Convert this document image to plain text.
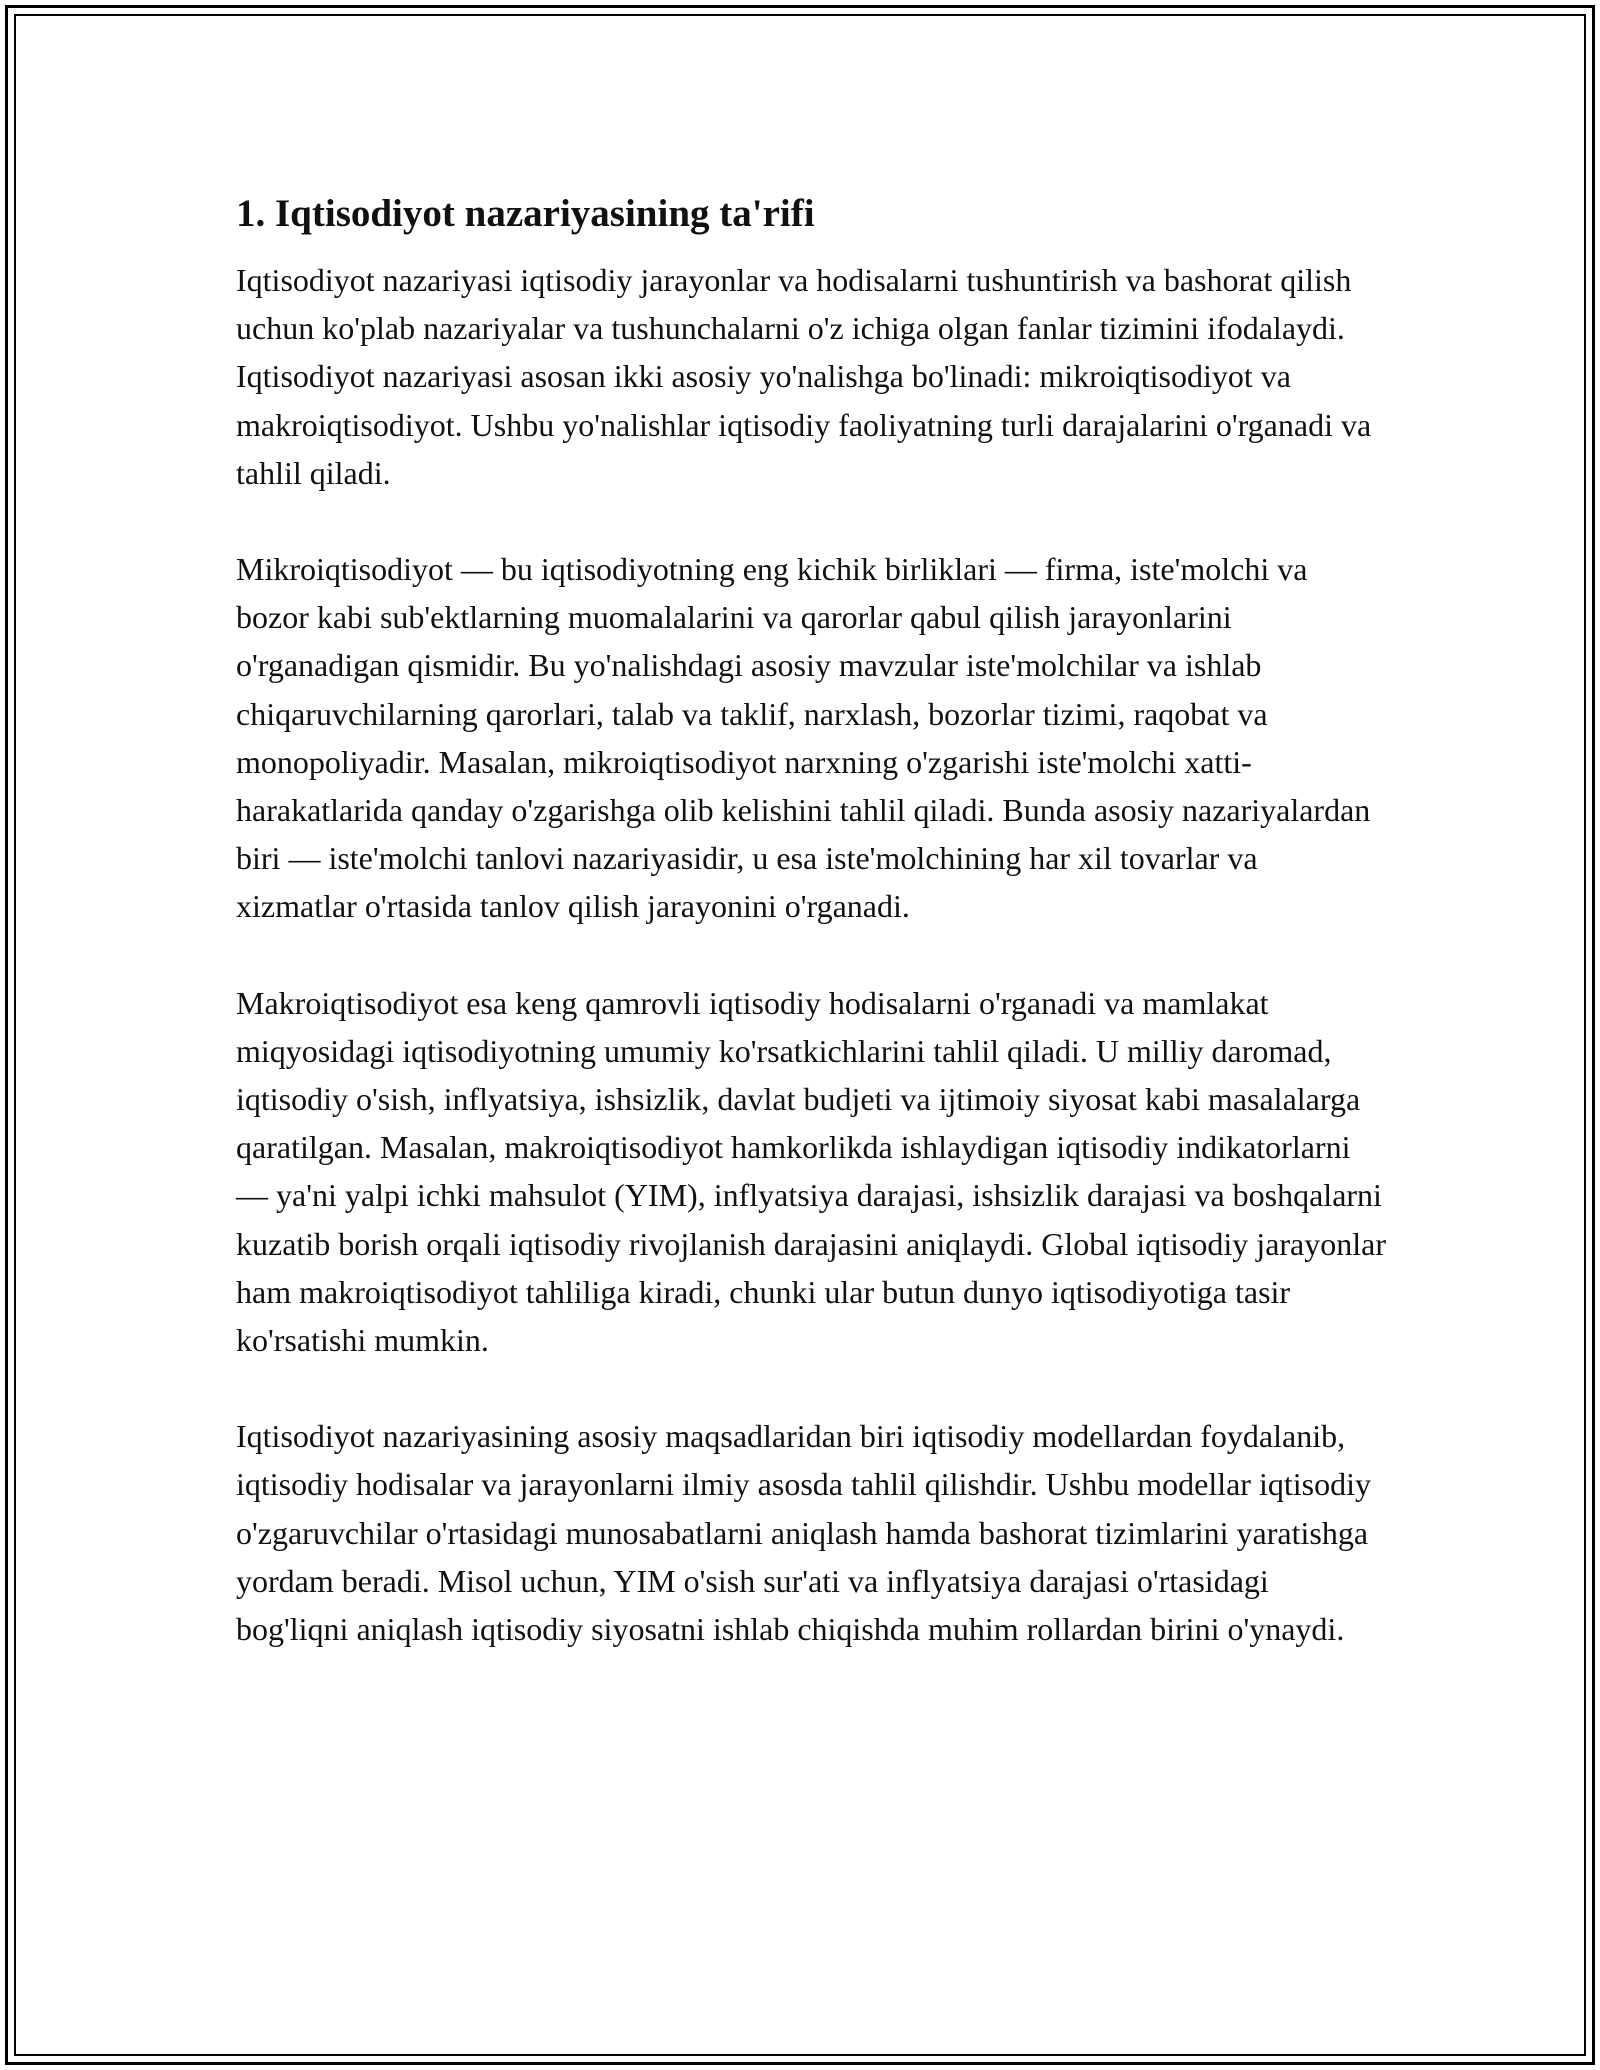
1. Iqtisodiyot nazariyasining ta'rifi

Iqtisodiyot nazariyasi iqtisodiy jarayonlar va hodisalarni tushuntirish va bashorat qilish uchun ko'plab nazariyalar va tushunchalarni o'z ichiga olgan fanlar tizimini ifodalaydi. Iqtisodiyot nazariyasi asosan ikki asosiy yo'nalishga bo'linadi: mikroiqtisodiyot va makroiqtisodiyot. Ushbu yo'nalishlar iqtisodiy faoliyatning turli darajalarini o'rganadi va tahlil qiladi.

Mikroiqtisodiyot — bu iqtisodiyotning eng kichik birliklari — firma, iste'molchi va bozor kabi sub'ektlarning muomalalarini va qarorlar qabul qilish jarayonlarini o'rganadigan qismidir. Bu yo'nalishdagi asosiy mavzular iste'molchilar va ishlab chiqaruvchilarning qarorlari, talab va taklif, narxlash, bozorlar tizimi, raqobat va monopoliyadir. Masalan, mikroiqtisodiyot narxning o'zgarishi iste'molchi xatti-harakatlarida qanday o'zgarishga olib kelishini tahlil qiladi. Bunda asosiy nazariyalardan biri — iste'molchi tanlovi nazariyasidir, u esa iste'molchining har xil tovarlar va xizmatlar o'rtasida tanlov qilish jarayonini o'rganadi.

Makroiqtisodiyot esa keng qamrovli iqtisodiy hodisalarni o'rganadi va mamlakat miqyosidagi iqtisodiyotning umumiy ko'rsatkichlarini tahlil qiladi. U milliy daromad, iqtisodiy o'sish, inflyatsiya, ishsizlik, davlat budjeti va ijtimoiy siyosat kabi masalalarga qaratilgan. Masalan, makroiqtisodiyot hamkorlikda ishlaydigan iqtisodiy indikatorlarni — ya'ni yalpi ichki mahsulot (YIM), inflyatsiya darajasi, ishsizlik darajasi va boshqalarni kuzatib borish orqali iqtisodiy rivojlanish darajasini aniqlaydi. Global iqtisodiy jarayonlar ham makroiqtisodiyot tahliliga kiradi, chunki ular butun dunyo iqtisodiyotiga tasir ko'rsatishi mumkin.

Iqtisodiyot nazariyasining asosiy maqsadlaridan biri iqtisodiy modellardan foydalanib, iqtisodiy hodisalar va jarayonlarni ilmiy asosda tahlil qilishdir. Ushbu modellar iqtisodiy o'zgaruvchilar o'rtasidagi munosabatlarni aniqlash hamda bashorat tizimlarini yaratishga yordam beradi. Misol uchun, YIM o'sish sur'ati va inflyatsiya darajasi o'rtasidagi bog'liqni aniqlash iqtisodiy siyosatni ishlab chiqishda muhim rollardan birini o'ynaydi.
